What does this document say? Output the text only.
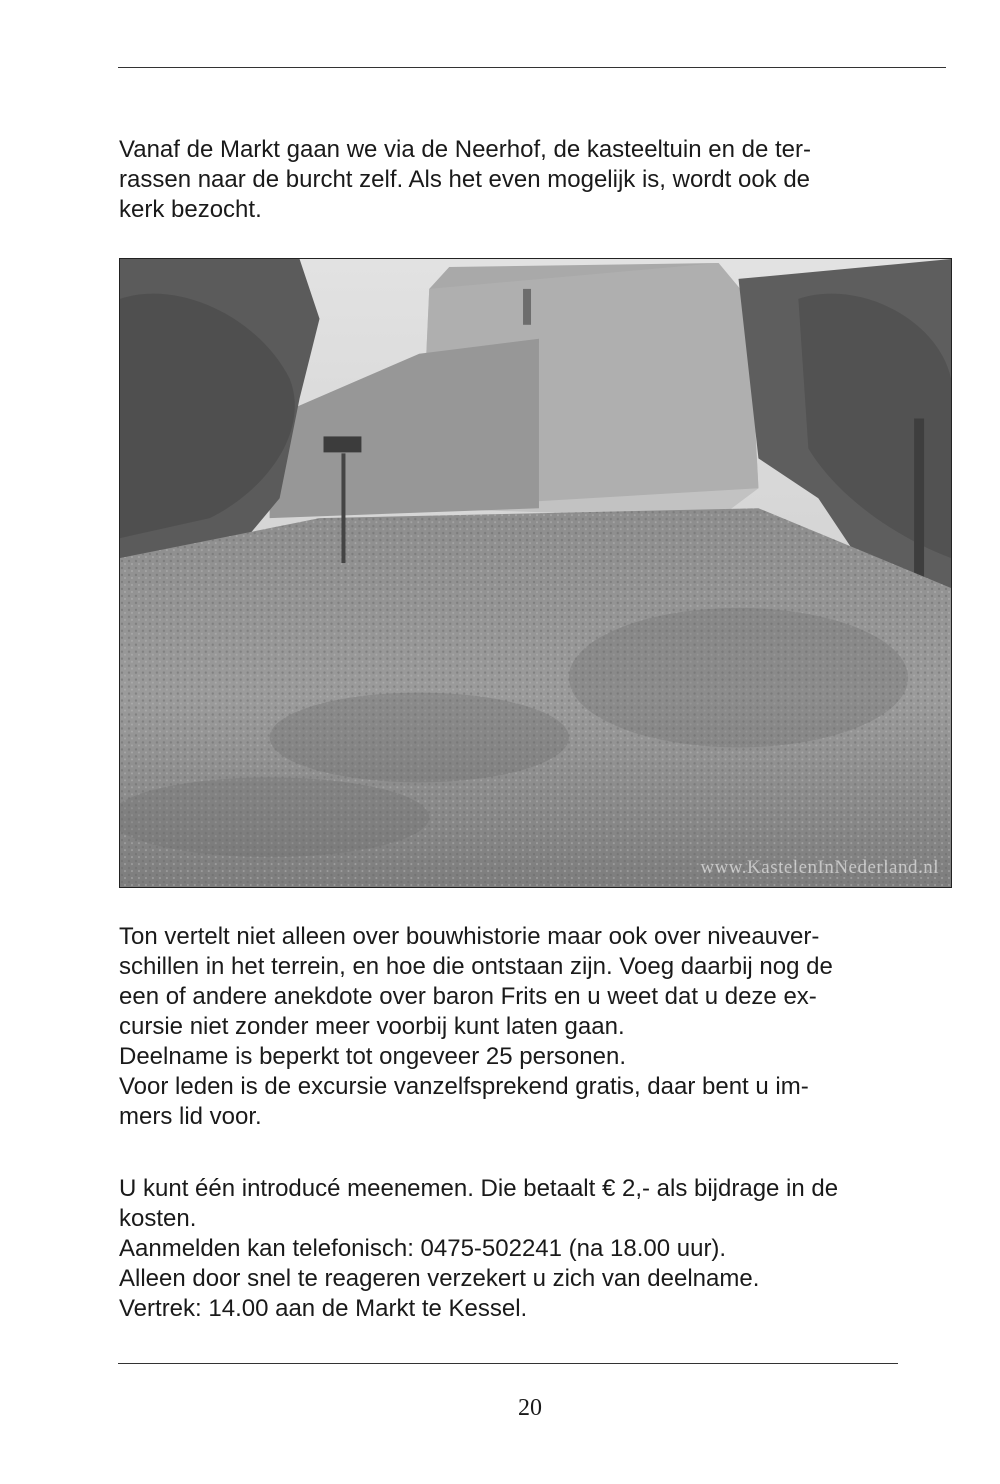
Vanaf de Markt gaan we via de Neerhof, de kasteeltuin en de ter-
rassen naar de burcht zelf. Als het even mogelijk is, wordt ook de
kerk bezocht.
www.KastelenInNederland.nl
Ton vertelt niet alleen over bouwhistorie maar ook over niveauver-
schillen in het terrein, en hoe die ontstaan zijn. Voeg daarbij nog de
een of andere anekdote over baron Frits en u weet dat u deze ex-
cursie niet zonder meer voorbij kunt laten gaan.
Deelname is beperkt tot ongeveer 25 personen.
Voor leden is de excursie vanzelfsprekend gratis, daar bent u im-
mers lid voor.
U kunt één introducé meenemen. Die betaalt € 2,- als bijdrage in de
kosten.
Aanmelden kan telefonisch: 0475-502241 (na 18.00 uur).
Alleen door snel te reageren verzekert u zich van deelname.
Vertrek: 14.00 aan de Markt te Kessel.
20
